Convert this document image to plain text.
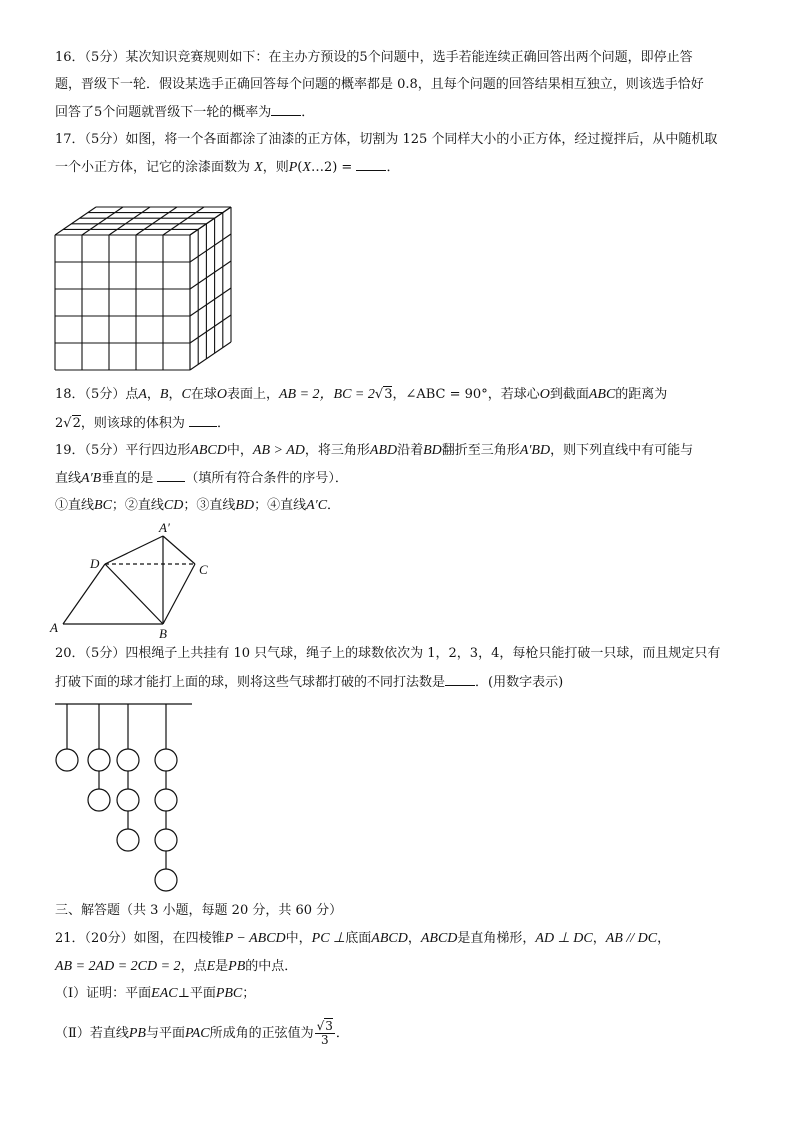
16．（5分）某次知识竞赛规则如下：在主办方预设的5个问题中，选手若能连续正确回答出两个问题，即停止答
题，晋级下一轮．假设某选手正确回答每个问题的概率都是 0.8，且每个问题的回答结果相互独立，则该选手恰好
回答了5个问题就晋级下一轮的概率为 ．
17．（5分）如图，将一个各面都涂了油漆的正方体，切割为 125 个同样大小的小正方体，经过搅拌后，从中随机取
一个小正方体，记它的涂漆面数为 X，则P(X…2) =	．
18．（5分）点A，B，C在球O表面上，AB = 2，BC = 2√3，∠ABC = 90°，若球心O到截面ABC的距离为
2√2，则该球的体积为 ．
19．（5分）平行四边形ABCD中，AB > AD，将三角形ABD沿着BD翻折至三角形A′BD，则下列直线中有可能与
直线A′B垂直的是 （填所有符合条件的序号）．
①直线BC；②直线CD；③直线BD；④直线A′C．
A	B
C
D
A′
20．（5分）四根绳子上共挂有 10 只气球，绳子上的球数依次为 1，2，3，4，每枪只能打破一只球，而且规定只有
打破下面的球才能打上面的球，则将这些气球都打破的不同打法数是 ．(用数字表示)
三、解答题（共 3 小题，每题 20 分，共 60 分）
21．（20分）如图，在四棱锥P − ABCD中，PC ⊥底面ABCD，ABCD是直角梯形，AD ⊥ DC，AB // DC，
AB = 2AD = 2CD = 2，点E是PB的中点．
（Ⅰ）证明：平面EAC⊥平面PBC；
（Ⅱ）若直线PB与平面PAC所成角的正弦值为 $\frac{√3}{3}$ ．
